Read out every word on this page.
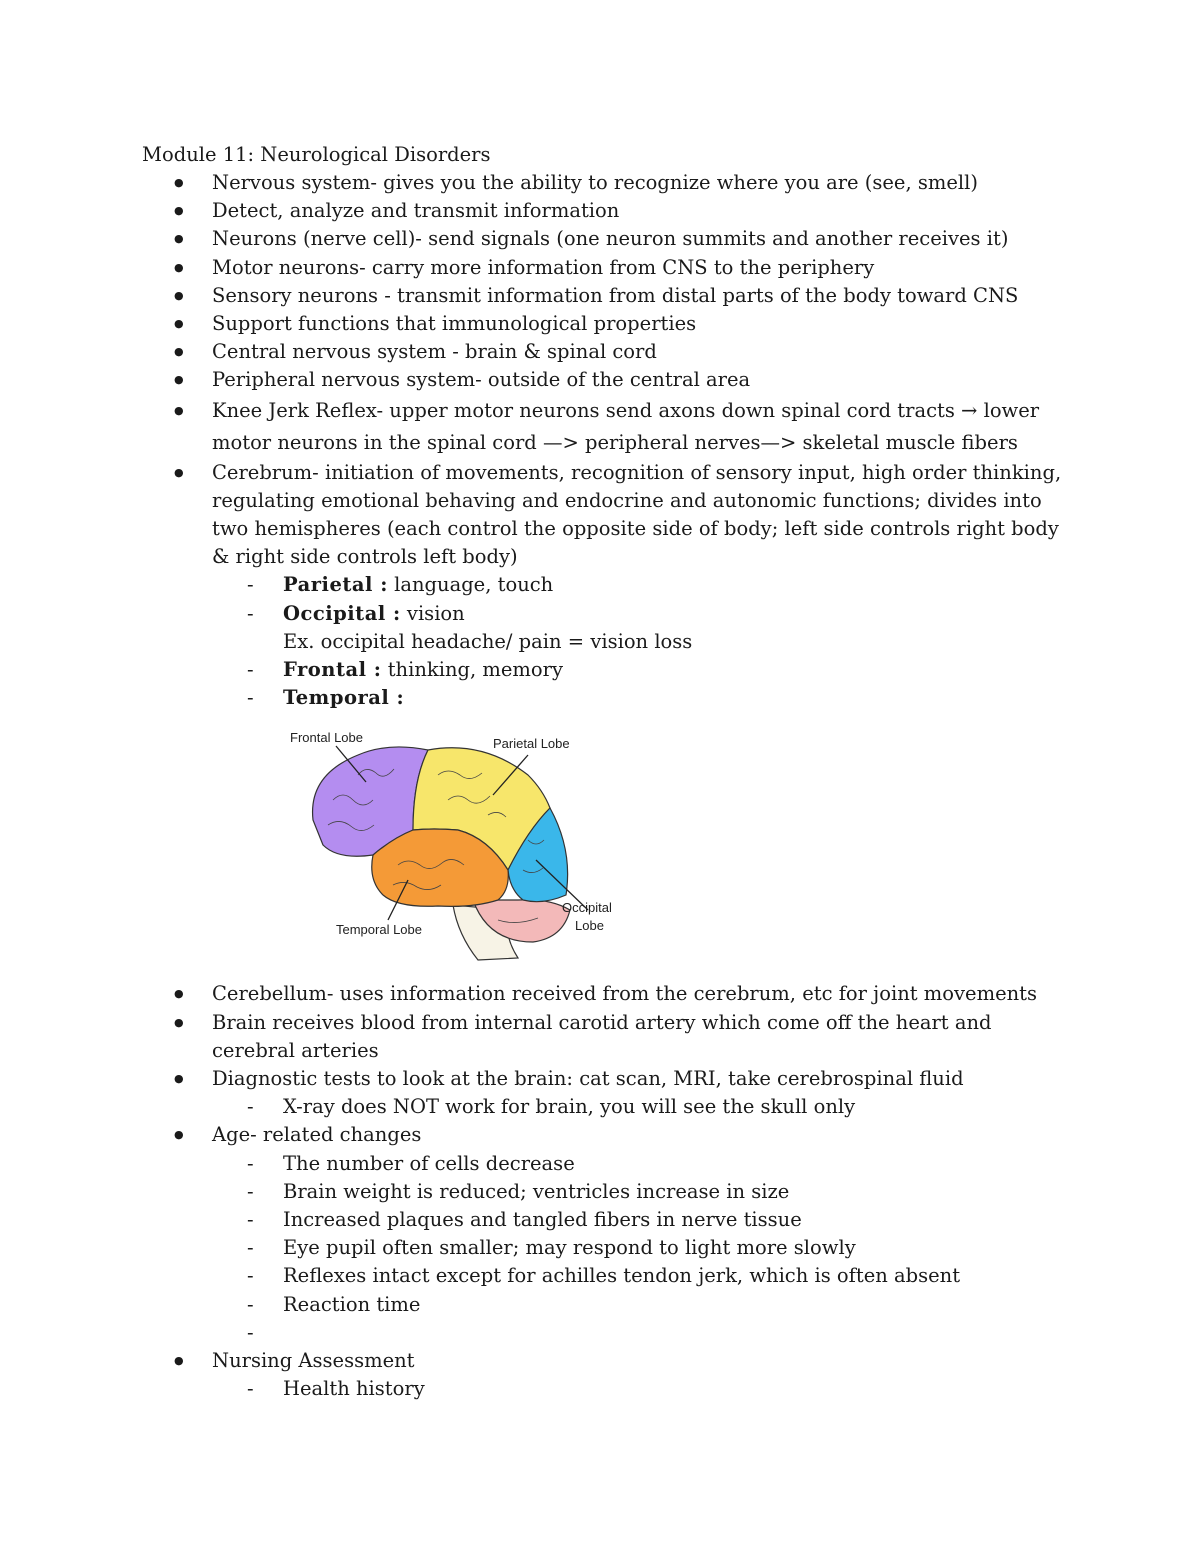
Module 11: Neurological Disorders
● Nervous system- gives you the ability to recognize where you are (see, smell)
● Detect, analyze and transmit information
● Neurons (nerve cell)- send signals (one neuron summits and another receives it)
● Motor neurons- carry more information from CNS to the periphery
● Sensory neurons - transmit information from distal parts of the body toward CNS
● Support functions that immunological properties
● Central nervous system - brain & spinal cord
● Peripheral nervous system- outside of the central area
● Knee Jerk Reflex- upper motor neurons send axons down spinal cord tracts → lower motor neurons in the spinal cord —> peripheral nerves—> skeletal muscle fibers
● Cerebrum- initiation of movements, recognition of sensory input, high order thinking, regulating emotional behaving and endocrine and autonomic functions; divides into two hemispheres (each control the opposite side of body; left side controls right body & right side controls left body)
- Parietal : language, touch
- Occipital : vision
Ex. occipital headache/ pain = vision loss
- Frontal : thinking, memory
- Temporal :
Frontal Lobe	Parietal Lobe
Temporal Lobe
Occipital
Lobe
● Cerebellum- uses information received from the cerebrum, etc for joint movements
● Brain receives blood from internal carotid artery which come off the heart and cerebral arteries
● Diagnostic tests to look at the brain: cat scan, MRI, take cerebrospinal fluid
- X-ray does NOT work for brain, you will see the skull only
● Age- related changes
- The number of cells decrease
- Brain weight is reduced; ventricles increase in size
- Increased plaques and tangled fibers in nerve tissue
- Eye pupil often smaller; may respond to light more slowly
- Reflexes intact except for achilles tendon jerk, which is often absent
- Reaction time
-
● Nursing Assessment
- Health history
